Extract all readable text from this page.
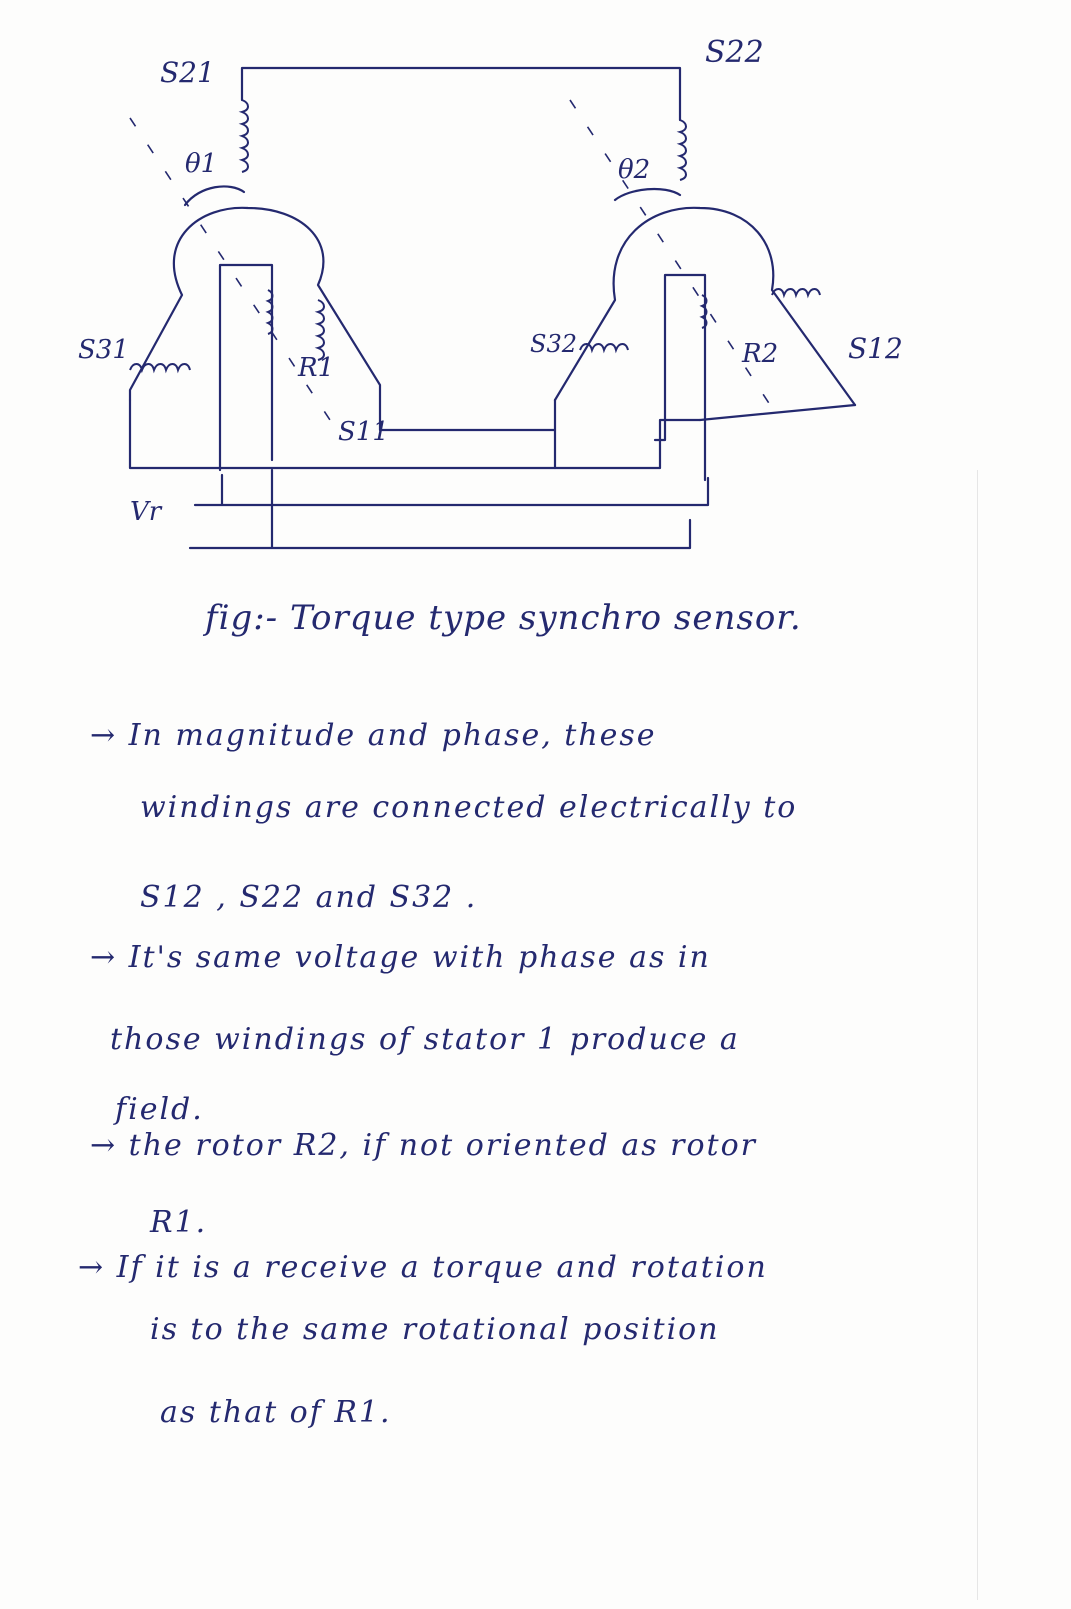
S21
S22
θ1	θ2
S31
R1
S11
S32	R2 S12
Vr
fig:- Torque type synchro sensor.
→ In magnitude and phase, these
windings are connected electrically to
S12 , S22 and S32 .
→ It's same voltage with phase as in
those windings of stator 1 produce a
field.
→ the rotor R2, if not oriented as rotor
R1.
→ If it is a receive a torque and rotation
is to the same rotational position
as that of R1.
